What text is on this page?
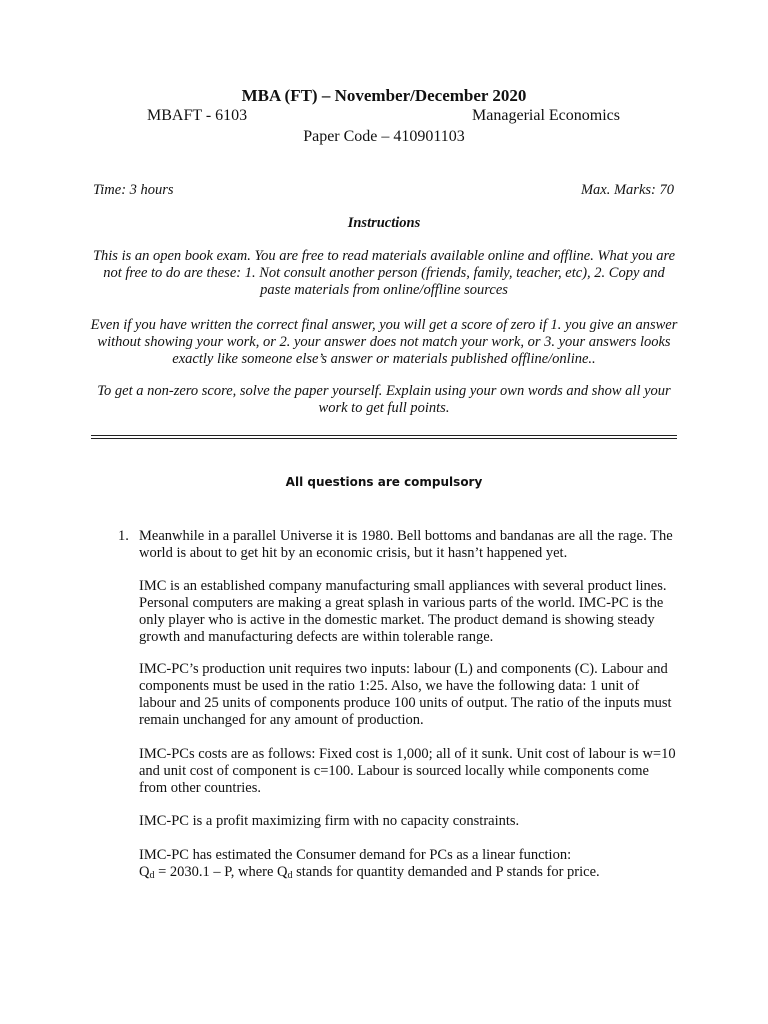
MBA (FT) – November/December 2020
MBAFT - 6103	Managerial Economics
Paper Code – 410901103
Time: 3 hours	Max. Marks: 70
Instructions
This is an open book exam. You are free to read materials available online and offline. What you are not free to do are these: 1. Not consult another person (friends, family, teacher, etc), 2. Copy and paste materials from online/offline sources
Even if you have written the correct final answer, you will get a score of zero if 1. you give an answer without showing your work, or 2. your answer does not match your work, or 3. your answers looks exactly like someone else’s answer or materials published offline/online..
To get a non-zero score, solve the paper yourself. Explain using your own words and show all your work to get full points.
All questions are compulsory
1. Meanwhile in a parallel Universe it is 1980. Bell bottoms and bandanas are all the rage. The world is about to get hit by an economic crisis, but it hasn’t happened yet.
IMC is an established company manufacturing small appliances with several product lines. Personal computers are making a great splash in various parts of the world. IMC-PC is the only player who is active in the domestic market. The product demand is showing steady growth and manufacturing defects are within tolerable range.
IMC-PC’s production unit requires two inputs: labour (L) and components (C). Labour and components must be used in the ratio 1:25. Also, we have the following data: 1 unit of labour and 25 units of components produce 100 units of output. The ratio of the inputs must remain unchanged for any amount of production.
IMC-PCs costs are as follows: Fixed cost is 1,000; all of it sunk. Unit cost of labour is w=10 and unit cost of component is c=100. Labour is sourced locally while components come from other countries.
IMC-PC is a profit maximizing firm with no capacity constraints.
IMC-PC has estimated the Consumer demand for PCs as a linear function:
$Q_d = 2030.1 - P$, where $Q_d$ stands for quantity demanded and P stands for price.
